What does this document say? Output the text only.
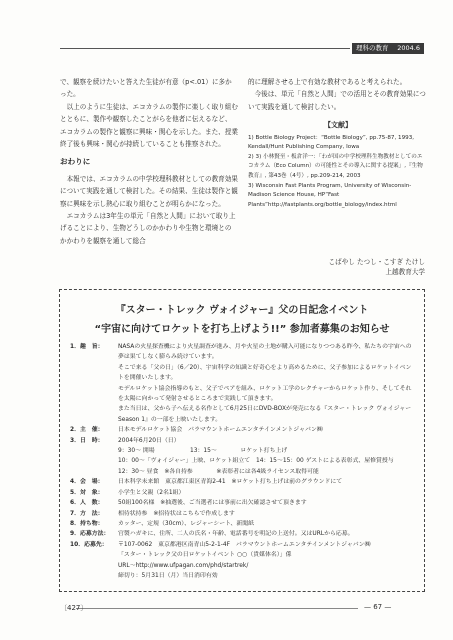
理科の教育 2004.6

で、観察を続けたいと答えた生徒が有意（p<.01）に多かった。

以上のように生徒は、エコカラムの製作に楽しく取り組むとともに、製作や観察したことがらを他者に伝えるなど、エコカラムの製作と観察に興味・関心を示した。また、授業終了後も興味・関心が持続していることも推察された。

おわりに

本報では、エコカラムの中学校理科教材としての教育効果について実践を通して検討した。その結果、生徒は製作と観察に興味を示し熱心に取り組むことが明らかになった。

エコカラムは3年生の単元「自然と人間」において取り上げることにより、生物どうしのかかわりや生物と環境とのかかわりを観察を通して総合

的に理解させる上で有効な教材であると考えられた。

今後は、単元「自然と人間」での活用とその教育効果について実践を通して検討したい。

【文献】

1) Bottle Biology Project：“Bottle Biology”, pp.75-87, 1993, Kendall/Hunt Publishing Company, Iowa

2) 3) 小林賢至・板倉洋一：「わが国の中学校理科生物教材としてのエコカラム（Eco Column）の可能性とその導入に関する提案」,『生物教育』, 第43巻（4号）, pp.209-214, 2003

3) Wisconsin Fast Plants Program, University of Wisconsin-Madison Science House, HP“Fast Plants”http://fastplants.org/bottle_biology/index.html

こばやし たつし・こすぎ たけし
上越教育大学
『スター・トレック ヴォイジャー』父の日記念イベント
“宇宙に向けてロケットを打ち上げよう!!” 参加者募集のお知らせ
1．趣　旨：	NASAの火星探査機により火星調査が進み、月や火星の土地が購入可能になりつつある昨今、私たちの宇宙への夢は果てしなく膨らみ続けています。
そこで来る「父の日」（6／20）、宇宙科学の知識と好奇心をより高めるために、父子参加によるロケットイベントを開催いたします。
モデルロケット協会指導のもと、父子でペアを組み、ロケット工学のレクチャーからロケット作り、そしてそれを太陽に向かって発射させるところまで実践して頂きます。
また当日は、父から子へ伝える名作として6月25日にDVD-BOXが発売になる『スター・トレック ヴォイジャー Season 1』の一部を上映いたします。
2．主　催：	日本モデルロケット協会　パラマウントホームエンタテインメントジャパン㈱
3．日　時：	2004年6月20日（日）
9：30～ 開場　　　　　　13：15～　　　　ロケット打ち上げ
10：00～「ヴォイジャー」上映、ロケット組立て　14：15～15：00 ゲストによる表彰式、屋修賞授与
12：30～ 昼食　※各自持参　　　　※表彰者には各4級ライセンス取得可能
4．会　場：	日本科学未来館　東京都江東区青海2-41　※ロケット打ち上げは前のグラウンドにて
5．対　象：	小学生と父親（2名1組）
6．人　数：	50組100名様　※抽選後、ご当選者には事前に出欠確認させて頂きます
7．方　法：	相待状持参　※招待状はこちらで作成します
8．持ち物：	カッター、定規（30cm）、レジャーシート、新聞紙
9．応募方法：	官製ハガキに、住所、二人の氏名・年齢、電話番号を明記の上送付。又はURLから応募。
10．応募先：	〒107-0062　東京都港区南青山5-2-1-4F　パラマウントホームエンタテインメントジャパン㈱
「スター・トレック父の日ロケットイベント ○○（貴媒体名）」係
URL～http://www.ufpagan.com/phd/startrek/
締切り：5月31日（月）当日消印有効
〔427〕	— 67 —
